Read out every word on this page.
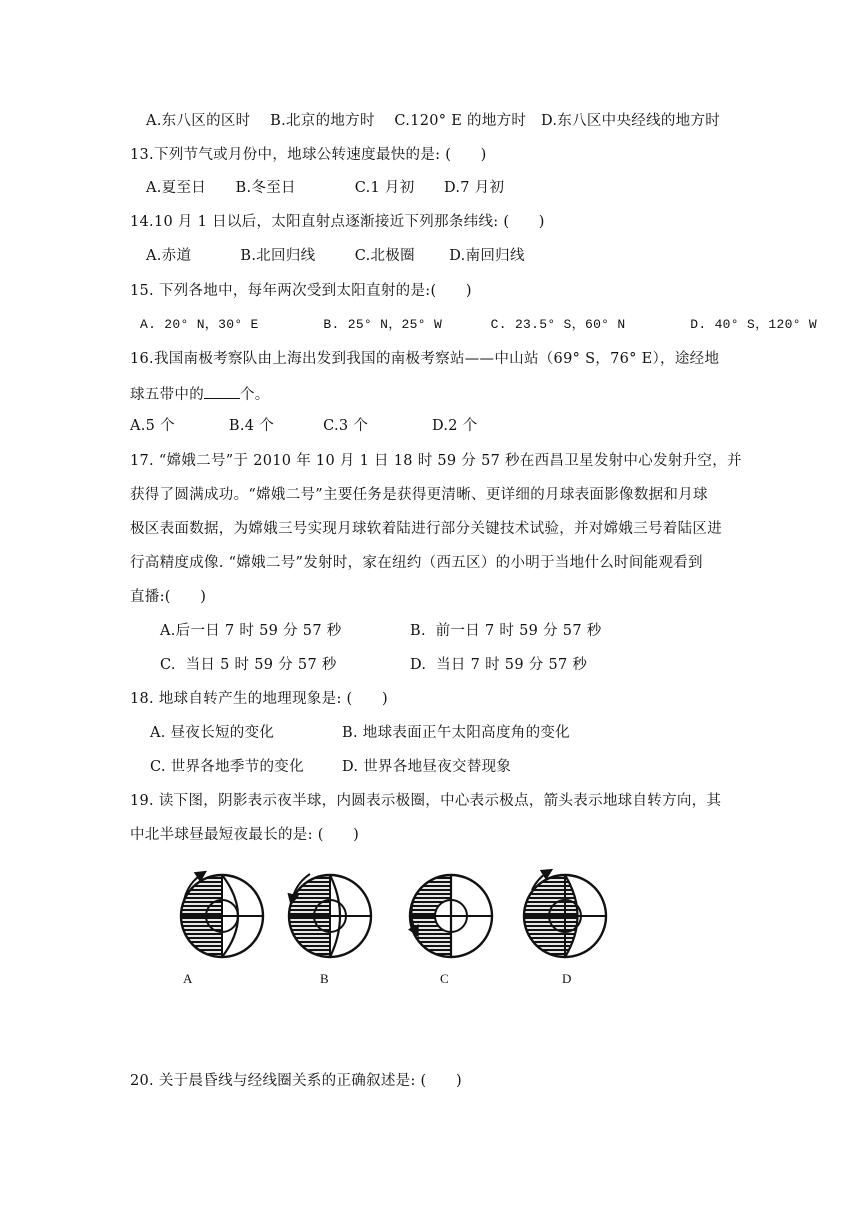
A.东八区的区时    B.北京的地方时    C.120° E 的地方时   D.东八区中央经线的地方时
13.下列节气或月份中，地球公转速度最快的是: (      )
A.夏至日      B.冬至日            C.1 月初      D.7 月初
14.10 月 1 日以后，太阳直射点逐渐接近下列那条纬线: (      )
A.赤道          B.北回归线        C.北极圈       D.南回归线
15. 下列各地中，每年两次受到太阳直射的是:(      )
A. 20° N，30° E        B. 25° N，25° W      C. 23.5° S，60° N        D. 40° S，120° W
16.我国南极考察队由上海出发到我国的南极考察站——中山站（69° S，76° E），途经地
球五带中的 个。
A.5 个           B.4 个          C.3 个             D.2 个
17. “嫦娥二号”于 2010 年 10 月 1 日 18 时 59 分 57 秒在西昌卫星发射中心发射升空，并
获得了圆满成功。“嫦娥二号”主要任务是获得更清晰、更详细的月球表面影像数据和月球
极区表面数据，为嫦娥三号实现月球软着陆进行部分关键技术试验，并对嫦娥三号着陆区进
行高精度成像. “嫦娥二号”发射时，家在纽约（西五区）的小明于当地什么时间能观看到
直播:(      )
A.后一日 7 时 59 分 57 秒	B.  前一日 7 时 59 分 57 秒
C.  当日 5 时 59 分 57 秒	D.  当日 7 时 59 分 57 秒
18. 地球自转产生的地理现象是: (      )
A. 昼夜长短的变化	B. 地球表面正午太阳高度角的变化
C. 世界各地季节的变化	D. 世界各地昼夜交替现象
19. 读下图，阴影表示夜半球，内圆表示极圈，中心表示极点，箭头表示地球自转方向，其
中北半球昼最短夜最长的是: (      )
A	B	C	D
20. 关于晨昏线与经线圈关系的正确叙述是: (      )
